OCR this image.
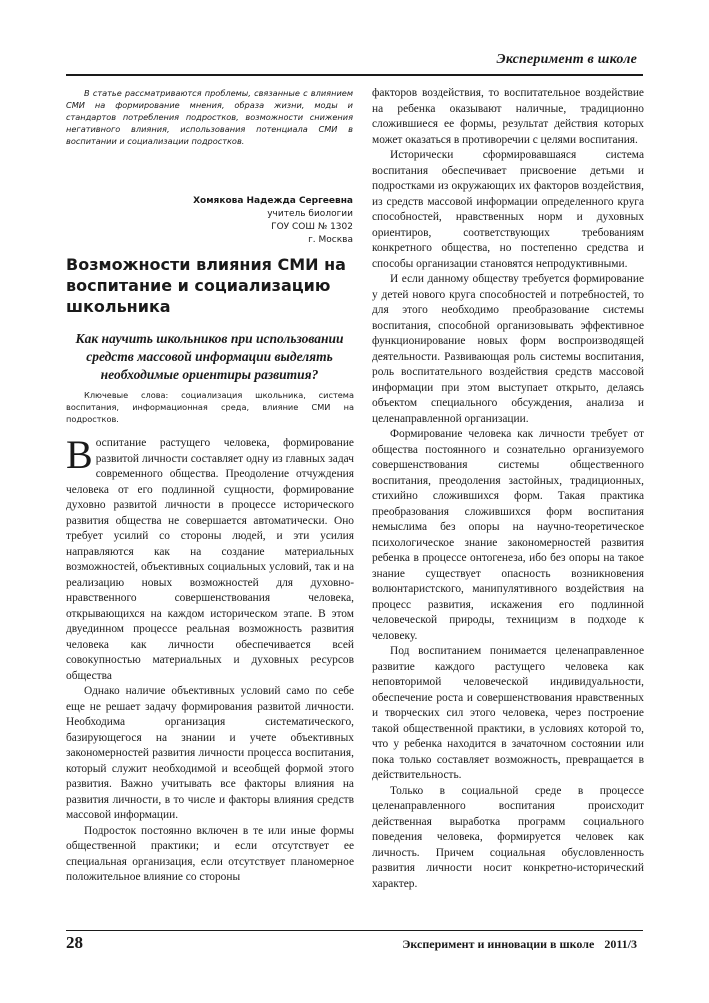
Эксперимент в школе
В статье рассматриваются проблемы, связанные с влиянием СМИ на формирование мнения, образа жизни, моды и стандартов потребления подростков, возможности снижения негативного влияния, использования потенциала СМИ в воспитании и социализации подростков.
Хомякова Надежда Сергеевна
учитель биологии
ГОУ СОШ № 1302
г. Москва
Возможности влияния СМИ на воспитание и социализацию школьника
Как научить школьников при использовании средств массовой информации выделять необходимые ориентиры развития?
Ключевые слова: социализация школьника, система воспитания, информационная среда, влияние СМИ на подростков.

Воспитание растущего человека, формирование развитой личности составляет одну из главных задач современного общества. Преодоление отчуждения человека от его подлинной сущности, формирование духовно развитой личности в процессе исторического развития общества не совершается автоматически. Оно требует усилий со стороны людей, и эти усилия направляются как на создание материальных возможностей, объективных социальных условий, так и на реализацию новых возможностей для духовно-нравственного совершенствования человека, открывающихся на каждом историческом этапе. В этом двуединном процессе реальная возможность развития человека как личности обеспечивается всей совокупностью материальных и духовных ресурсов общества

Однако наличие объективных условий само по себе еще не решает задачу формирования развитой личности. Необходима организация систематического, базирующегося на знании и учете объективных закономерностей развития личности процесса воспитания, который служит необходимой и всеобщей формой этого развития. Важно учитывать все факторы влияния на развития личности, в то числе и факторы влияния средств массовой информации.

Подросток постоянно включен в те или иные формы общественной практики; и если отсутствует ее специальная организация, если отсутствует планомерное положительное влияние со стороны

факторов воздействия, то воспитательное воздействие на ребенка оказывают наличные, традиционно сложившиеся ее формы, результат действия которых может оказаться в противоречии с целями воспитания.

Исторически сформировавшаяся система воспитания обеспечивает присвоение детьми и подростками из окружающих их факторов воздействия, из средств массовой информации определенного круга способностей, нравственных норм и духовных ориентиров, соответствующих требованиям конкретного общества, но постепенно средства и способы организации становятся непродуктивными.

И если данному обществу требуется формирование у детей нового круга способностей и потребностей, то для этого необходимо преобразование системы воспитания, способной организовывать эффективное функционирование новых форм воспроизводящей деятельности. Развивающая роль системы воспитания, роль воспитательного воздействия средств массовой информации при этом выступает открыто, делаясь объектом специального обсуждения, анализа и целенаправленной организации.

Формирование человека как личности требует от общества постоянного и сознательно организуемого совершенствования системы общественного воспитания, преодоления застойных, традиционных, стихийно сложившихся форм. Такая практика преобразования сложившихся форм воспитания немыслима без опоры на научно-теоретическое психологическое знание закономерностей развития ребенка в процессе онтогенеза, ибо без опоры на такое знание существует опасность возникновения волюнтаристского, манипулятивного воздействия на процесс развития, искажения его подлинной человеческой природы, техницизм в подходе к человеку.

Под воспитанием понимается целенаправленное развитие каждого растущего человека как неповторимой человеческой индивидуальности, обеспечение роста и совершенствования нравственных и творческих сил этого человека, через построение такой общественной практики, в условиях которой то, что у ребенка находится в зачаточном состоянии или пока только составляет возможность, превращается в действительность.

Только в социальной среде в процессе целенаправленного воспитания происходит действенная выработка программ социального поведения человека, формируется человек как личность. Причем социальная обусловленность развития личности носит конкретно-исторический характер.

28	Эксперимент и инновации в школе 2011/3
